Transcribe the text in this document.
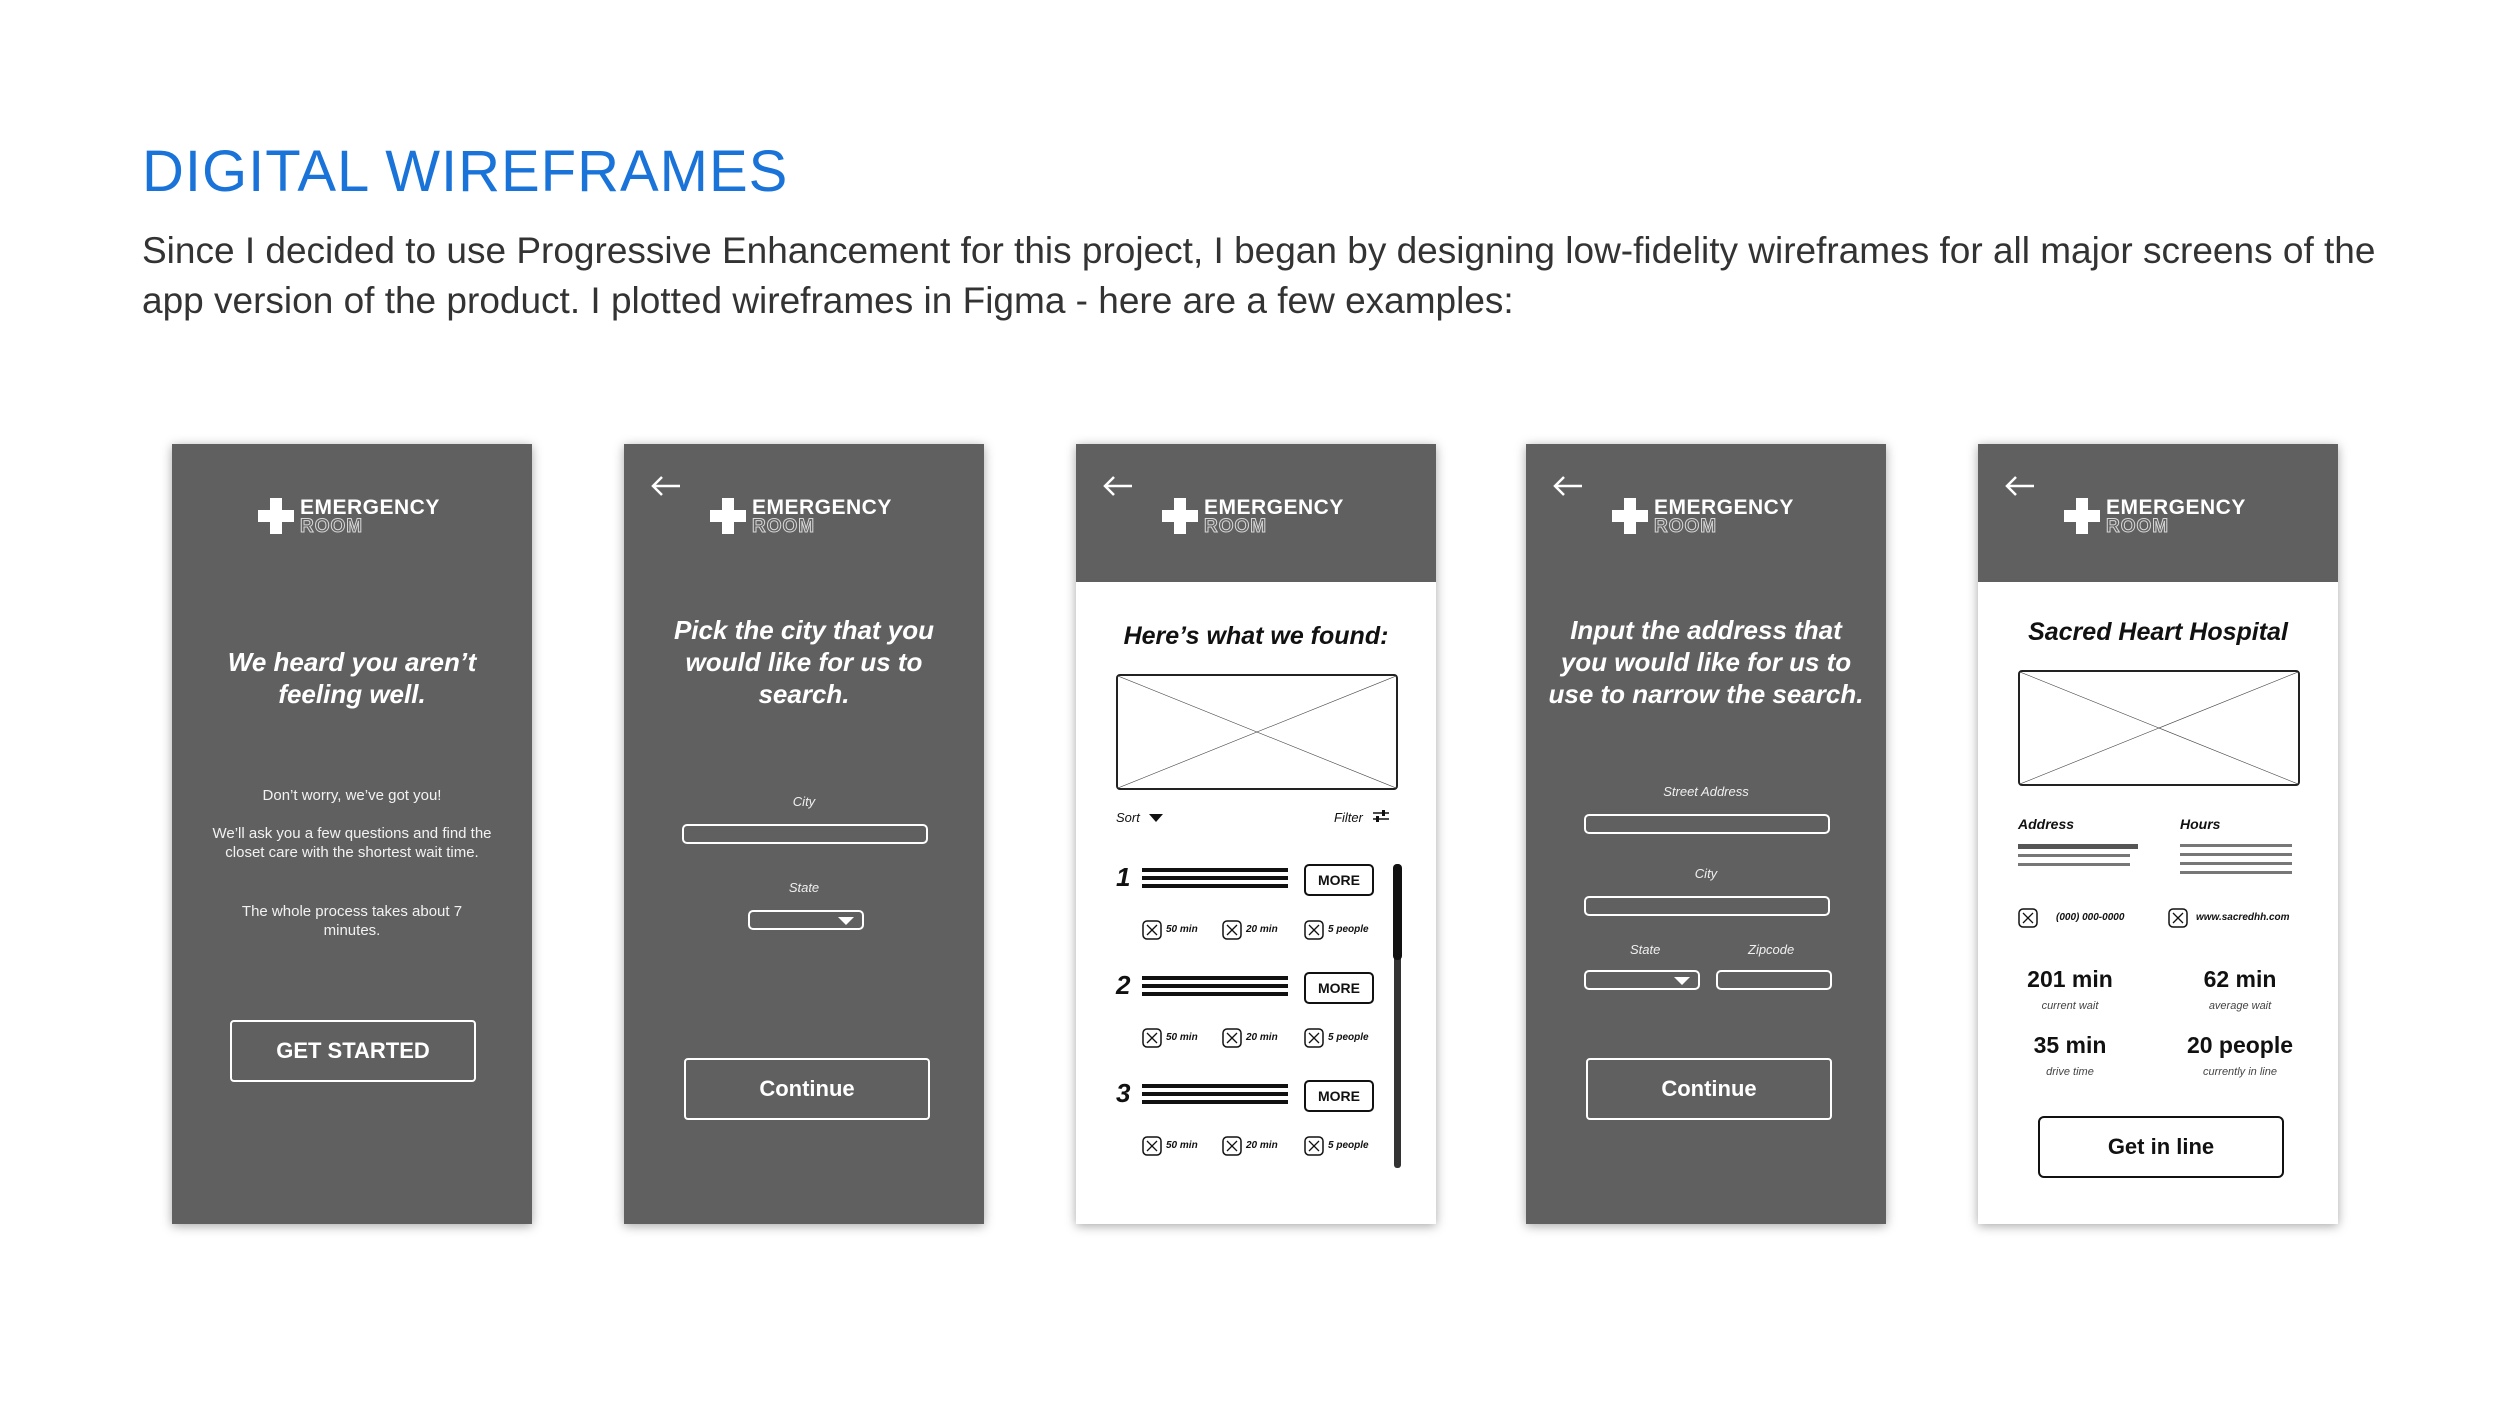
DIGITAL WIREFRAMES

Since I decided to use Progressive Enhancement for this project, I began by designing low-fidelity wireframes for all major screens of the app version of the product. I plotted wireframes in Figma - here are a few examples:

EMERGENCY
ROOM
We heard you aren’t feeling well.
Don’t worry, we’ve got you!
We’ll ask you a few questions and find the closet care with the shortest wait time.
The whole process takes about 7 minutes.
GET STARTED
EMERGENCY
ROOM
Pick the city that you would like for us to search.
City
State
Continue
EMERGENCY
ROOM
Here’s what we found:
Sort	Filter
1	MORE
50 min	20 min	5 people
2	MORE
50 min	20 min	5 people
3	MORE
50 min	20 min	5 people
EMERGENCY
ROOM
Input the address that you would like for us to use to narrow the search.
Street Address
City
State	Zipcode
Continue
EMERGENCY
ROOM
Sacred Heart Hospital
Address	Hours
(000) 000-0000	www.sacredhh.com
201 min
current wait
62 min
average wait
35 min
drive time
20 people
currently in line
Get in line
